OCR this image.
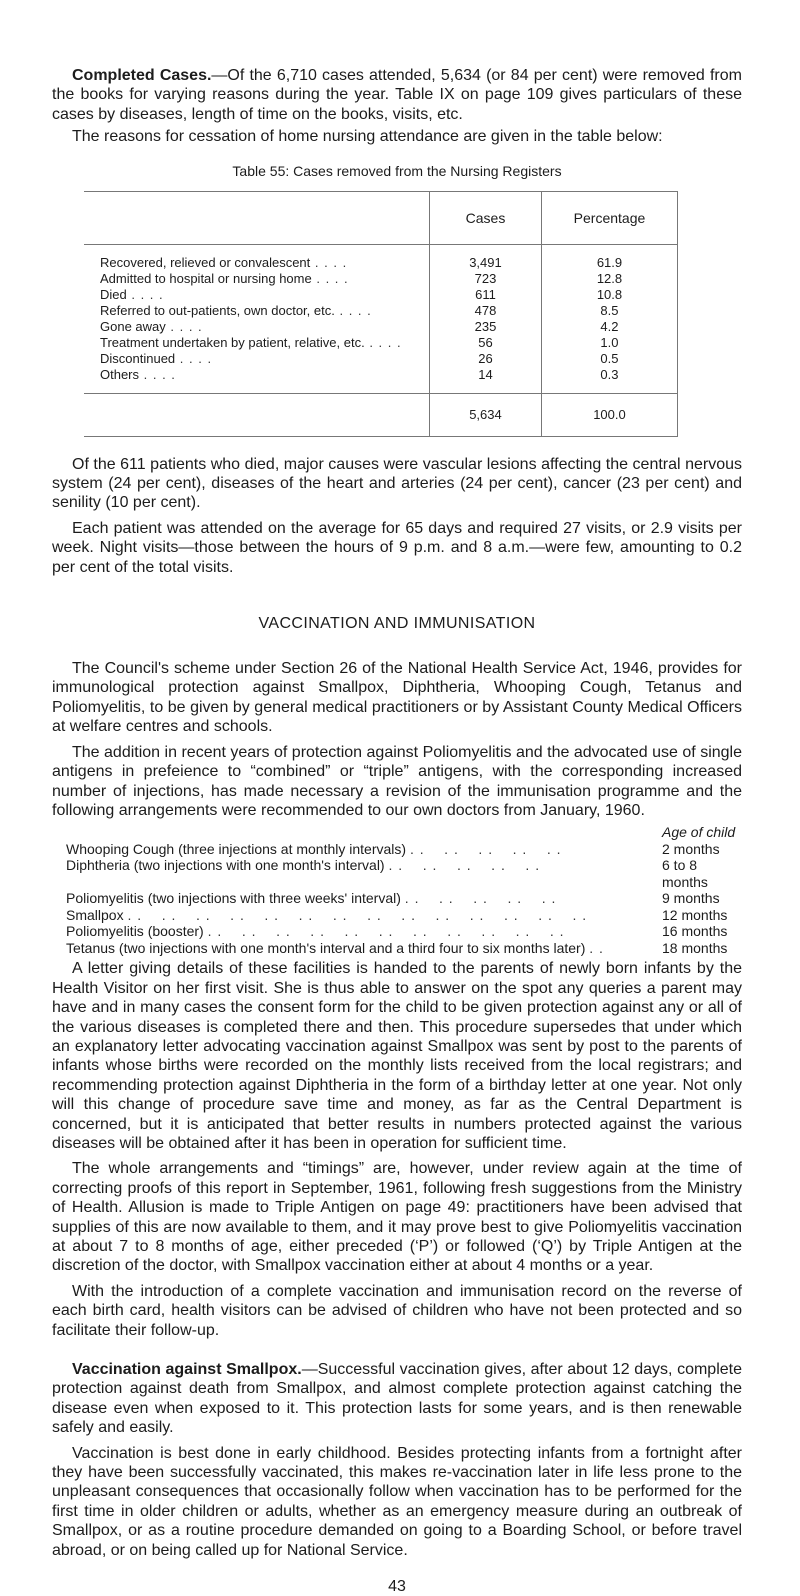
Completed Cases.—Of the 6,710 cases attended, 5,634 (or 84 per cent) were removed from the books for varying reasons during the year. Table IX on page 109 gives particulars of these cases by diseases, length of time on the books, visits, etc.

The reasons for cessation of home nursing attendance are given in the table below:

Table 55: Cases removed from the Nursing Registers
	Cases	Percentage
Recovered, relieved or convalescent . . . .	3,491	61.9
Admitted to hospital or nursing home . . . .	723	12.8
Died . . . .	611	10.8
Referred to out-patients, own doctor, etc. . . . .	478	8.5
Gone away . . . .	235	4.2
Treatment undertaken by patient, relative, etc. . . . .	56	1.0
Discontinued . . . .	26	0.5
Others . . . .	14	0.3
	5,634	100.0

Of the 611 patients who died, major causes were vascular lesions affecting the central nervous system (24 per cent), diseases of the heart and arteries (24 per cent), cancer (23 per cent) and senility (10 per cent).

Each patient was attended on the average for 65 days and required 27 visits, or 2.9 visits per week. Night visits—those between the hours of 9 p.m. and 8 a.m.—were few, amounting to 0.2 per cent of the total visits.

VACCINATION AND IMMUNISATION

The Council's scheme under Section 26 of the National Health Service Act, 1946, provides for immunological protection against Smallpox, Diphtheria, Whooping Cough, Tetanus and Poliomyelitis, to be given by general medical practitioners or by Assistant County Medical Officers at welfare centres and schools.

The addition in recent years of protection against Poliomyelitis and the advocated use of single antigens in prefeience to “combined” or “triple” antigens, with the corresponding increased number of injections, has made necessary a revision of the immunisation programme and the following arrangements were recommended to our own doctors from January, 1960.

	Age of child
Whooping Cough (three injections at monthly intervals) . .    . .    . .    . .    . .	2 months
Diphtheria (two injections with one month's interval) . .    . .    . .    . .    . .	6 to 8 months
Poliomyelitis (two injections with three weeks' interval) . .    . .    . .    . .    . .	9 months
Smallpox . .    . .    . .    . .    . .    . .    . .    . .    . .    . .    . .    . .    . .    . .	12 months
Poliomyelitis (booster) . .    . .    . .    . .    . .    . .    . .    . .    . .    . .    . .	16 months
Tetanus (two injections with one month's interval and a third four to six months later) . .	18 months

A letter giving details of these facilities is handed to the parents of newly born infants by the Health Visitor on her first visit. She is thus able to answer on the spot any queries a parent may have and in many cases the consent form for the child to be given protection against any or all of the various diseases is completed there and then. This procedure supersedes that under which an explanatory letter advocating vaccination against Smallpox was sent by post to the parents of infants whose births were recorded on the monthly lists received from the local registrars; and recommending protection against Diphtheria in the form of a birthday letter at one year. Not only will this change of procedure save time and money, as far as the Central Department is concerned, but it is anticipated that better results in numbers protected against the various diseases will be obtained after it has been in operation for sufficient time.

The whole arrangements and “timings” are, however, under review again at the time of correcting proofs of this report in September, 1961, following fresh suggestions from the Ministry of Health. Allusion is made to Triple Antigen on page 49: practitioners have been advised that supplies of this are now available to them, and it may prove best to give Poliomyelitis vaccination at about 7 to 8 months of age, either preceded (‘P’) or followed (‘Q’) by Triple Antigen at the discretion of the doctor, with Smallpox vaccination either at about 4 months or a year.

With the introduction of a complete vaccination and immunisation record on the reverse of each birth card, health visitors can be advised of children who have not been protected and so facilitate their follow-up.

Vaccination against Smallpox.—Successful vaccination gives, after about 12 days, complete protection against death from Smallpox, and almost complete protection against catching the disease even when exposed to it. This protection lasts for some years, and is then renewable safely and easily.

Vaccination is best done in early childhood. Besides protecting infants from a fortnight after they have been successfully vaccinated, this makes re-vaccination later in life less prone to the unpleasant consequences that occasionally follow when vaccination has to be performed for the first time in older children or adults, whether as an emergency measure during an outbreak of Smallpox, or as a routine procedure demanded on going to a Boarding School, or before travel abroad, or on being called up for National Service.

43
